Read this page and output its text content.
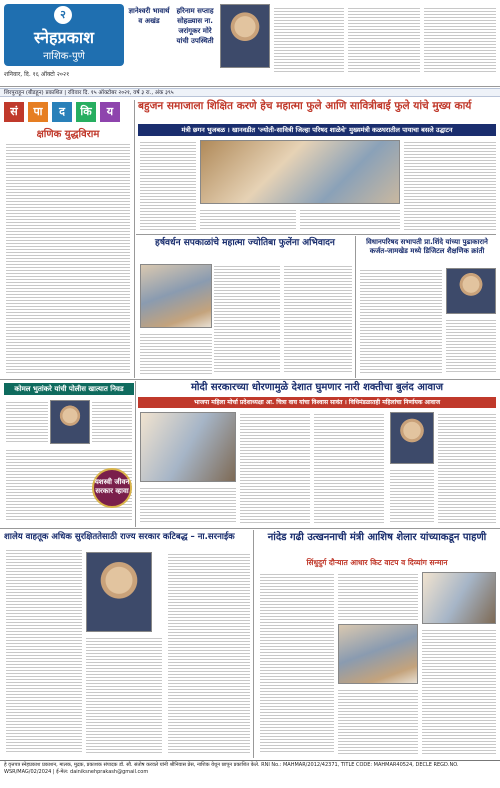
२
स्नेहप्रकाश
नाशिक-पुणे
शनिवार, दि. १६ ऑक्टो २०२१
ज्ञानेश्वरी भावार्थ व अखंड
हरिनाम सप्ताह सोहळ्यास ना. जरांगूकर मोरे यांची उपस्थिती
शिरपुराहून (बीडहून) प्रकाशित | रविवार दि. १५ ऑक्टोबर २०२१, वर्ष ३ रा., अंक ३९५
सं	पा	द	कि	य	बहुजन समाजाला शिक्षित करणे हेच महात्मा फुले आणि सावित्रीबाई फुले यांचे मुख्य कार्य
मंत्री छगन भुजबळ । खानवडीत 'ज्योती-सावित्री जिल्हा परिषद शाळेचे' मुख्यमंत्री कळघरातील पायाचा बसले उद्घाटन
क्षणिक युद्धविराम
हर्षवर्धन सपकाळांचे महात्मा ज्योतिबा फुलेंना अभिवादन	विधानपरिषद सभापती प्रा.शिंदे यांच्या पुढाकाराने कर्जत-जामखेड मध्ये डिजिटल शैक्षणिक क्रांती
कोमल भुतांकरे यांची पोलीस खात्यात निवड
यशस्वी जीवन सरकार व्हावा
मोदी सरकारच्या धोरणामुळे देशात घुमणार नारी शक्तीचा बुलंद आवाज
भाजपा महिला मोर्चा प्रदेशाध्यक्षा आ. चित्रा वाघ यांचा विश्वास सावंत । विधिमंडळातही महिलांचा निर्णायक आवाज
शालेय वाहतूक अधिक सुरक्षिततेसाठी राज्य सरकार कटिबद्ध – ना.सरनाईक	नांदेड गढी उत्खननाची मंत्री आशिष शेलार यांच्याकडून पाहणी
सिंधुदुर्ग दौऱ्यात आधार किट वाटप व दिव्यांग सन्मान
हे वृत्तपत्र स्नेहप्रकाश प्रकाशन, मालक, मुद्रक, प्रकाशक संपादक डॉ. सौ. संतोष करवले यांनी श्रीनिवास प्रेस, नाशिक येथून छापून प्रकाशित केले. RNI No.: MAHMAR/2012/42371, TITLE CODE: MAHMAR40524, DECLE REGD.NO. WSR/MAG/02/2024 | ई-मेल: dainiksnehprakash@gmail.com
